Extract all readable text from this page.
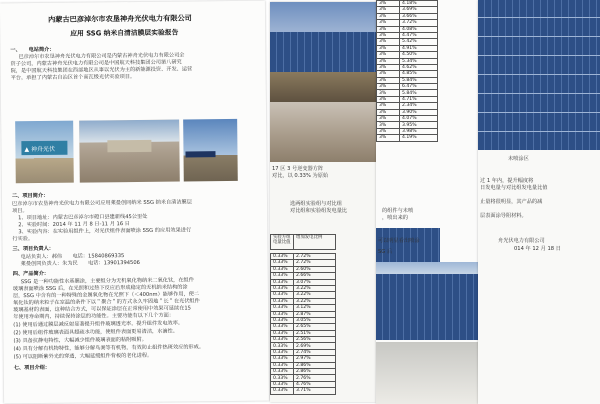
内蒙古巴彦淖尔市农垦神舟光伏电力有限公司
应用 SSG 纳米自清洁膜层实验报告
一、　　电站简介：
巴彦淖尔市农垦神舟光伏电力有限公司是内蒙古神舟光伏电力有限公司全
资子公司，内蒙古神舟光伏电力有限公司是中国航天科技集团公司第八研究
院，是中国航天科技集团在西部地区从事以光伏为主的新能源投资、开发、运营
平台，承担了内蒙古自治区首个高瓦级光伏实验项目。
▲ 神舟光伏
二、项目简介：
巴彦淖尔市农垦神舟光伏电力有限公司应用莱曼创同纳米 SSG 纳米自清洁膜层
项目。
1、项目地址：内蒙古巴彦淖尔市磴口县建新线45公里处
2、实验时间：2014 年 11 月 8 日-11 月 16 日
3、实验内容：在实验用组件上，对光伏组件表面喷涂 SSG 的应用效果进行
行实验。
三、项目负责人：
电站负责人：郝伟　　电话：15840869335
莱曼创同负责人：朱为民　　电话：13901394506
四、产品简介：
SSG 是一种功能性水基膜涂，主要组分为无机氧化物纳米二氧化钛，在组件
玻璃表面喷涂 SSG 后，在光照和过热下反应后形成稳定的无机纳米结构的涂
层，SSG 中含有的一种特殊的金属氧化物在光照下（＜400nm）能够作用，使二
氧化钛的纳米粒子在室温的条件下以＂聚合＂的方式永久牢固地＂长＂在光伏组件
玻璃基材的表面，这种结合方式，可以保证涂层在正常使用中效果可延续在15
年使用寿命期内，持续保持涂层的功能性。主要功能有以下几个方面：
(1) 使用后通过膜层减反射显著提升组件玻璃透光率，提升组件发电效率。
(2) 使用后组件玻璃表面具超疏水功能，使组件表面更易清洁，水滴性。
(3) 具备抗静电特性，大幅减少组件玻璃表面的粘附吸附。
(4) 具有分解有机物特性，能够分解鸟粪等有机物，有效防止组件热斑效应的形成。
(5) 可以阻断紫外光的穿透，大幅延缓组件背板的老化进程。
七、项目介绍：
17 区 3 号逆变器方阵
对比，以 0.33% 为原始
选两组实验组与对比组
对比组和实验组发电量比
实验方组电量比值	增加发电比例
0.33%	2.72%
0.33%	2.72%
0.33%	2.60%
0.33%	2.66%
0.33%	3.07%
0.33%	3.22%
0.33%	3.22%
0.33%	3.22%
0.33%	3.12%
0.33%	2.87%
0.33%	3.05%
0.33%	2.65%
0.33%	2.51%
0.33%	2.56%
0.33%	2.69%
0.33%	2.74%
0.33%	2.97%
0.33%	2.86%
0.33%	2.86%
0.33%	2.76%
0.33%	4.76%
0.33%	3.71%
3%	4.18%
3%	3.69%
3%	3.66%
3%	3.72%
3%	4.08%
3%	4.47%
3%	5.42%
3%	4.91%
3%	4.50%
3%	5.34%
3%	4.62%
3%	4.85%
3%	5.84%
3%	6.47%
3%	5.84%
3%	4.71%
3%	2.34%
3%	3.90%
3%	4.07%
3%	3.95%
3%	3.98%
3%	4.19%
的组件与未喷
，喷出来的
可以明显看出喷涂
SG 后
未喷涂区
过 1 年内，提升幅度将
日发电量与对比组发电量比值
止量将很明显，其产品的减
层表面涂导阻材料。
舟光伏电力有限公司
014 年 12 月 18 日
